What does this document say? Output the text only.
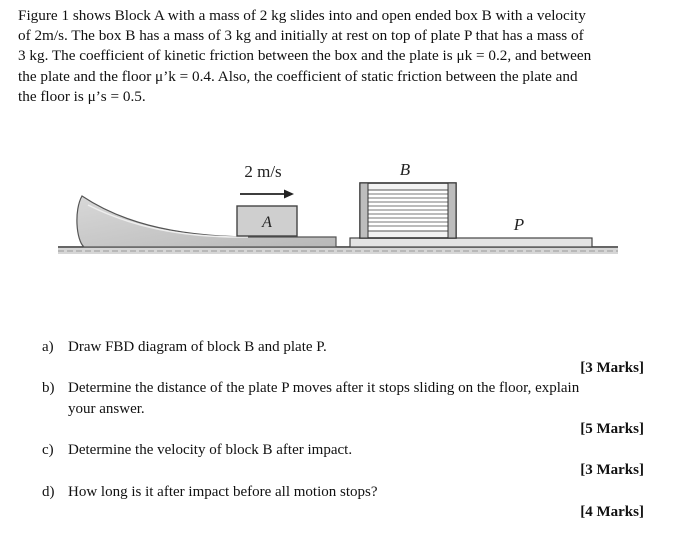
Figure 1 shows Block A with a mass of 2 kg slides into and open ended box B with a velocity
of 2m/s. The box B has a mass of 3 kg and initially at rest on top of plate P that has a mass of
3 kg. The coefficient of kinetic friction between the box and the plate is μk = 0.2, and between
the plate and the floor μ’k = 0.4. Also, the coefficient of static friction between the plate and
the floor is μ’s = 0.5.
A
2 m/s
P
B
a) Draw FBD diagram of block B and plate P.
[3 Marks]
b) Determine the distance of the plate P moves after it stops sliding on the floor, explain
your answer.
[5 Marks]
c) Determine the velocity of block B after impact.
[3 Marks]
d) How long is it after impact before all motion stops?
[4 Marks]
